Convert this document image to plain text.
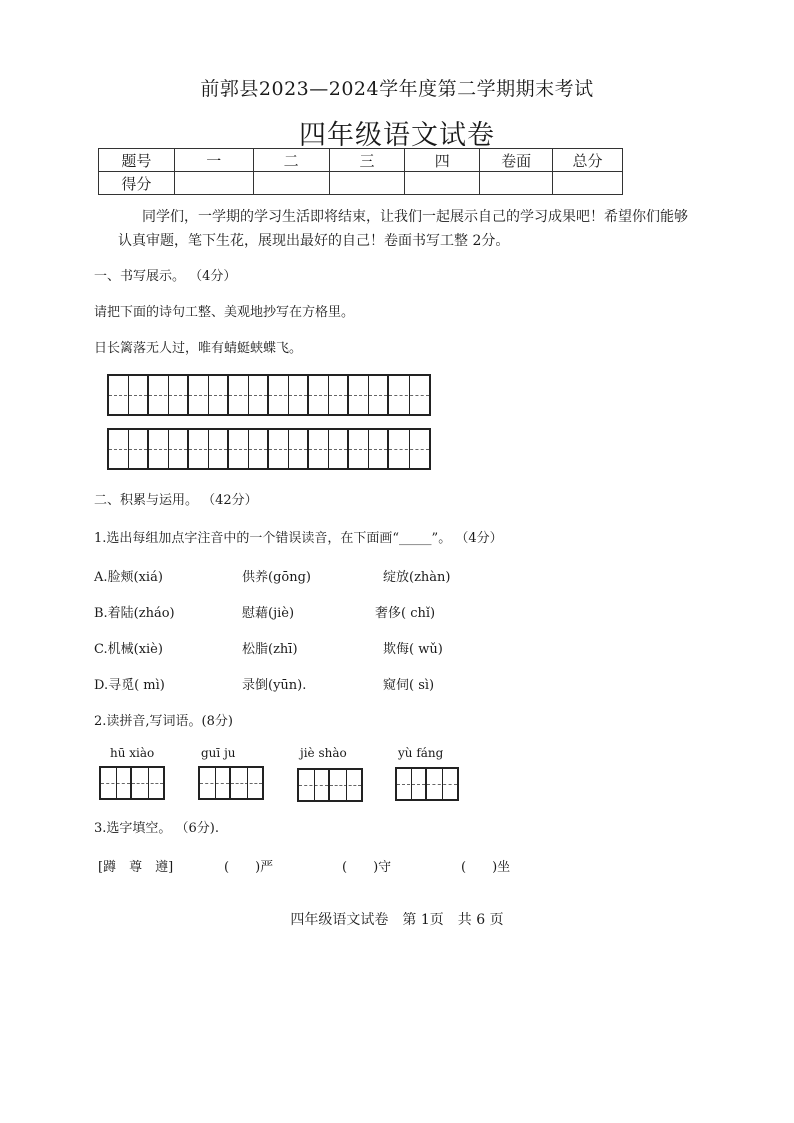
前郭县2023—2024学年度第二学期期末考试
四年级语文试卷
题号	一	二	三	四	卷面	总分
得分						
同学们，一学期的学习生活即将结束，让我们一起展示自己的学习成果吧！希望你们能够
认真审题，笔下生花，展现出最好的自己！卷面书写工整 2分。
一、书写展示。 （4分）
请把下面的诗句工整、美观地抄写在方格里。
日长篱落无人过，唯有蜻蜓蛱蝶飞。
二、积累与运用。 （42分）
1.选出每组加点字注音中的一个错误读音，在下面画“_____”。 （4分）
A.脸颊(xiá)	供养(gōng)	绽放(zhàn)
B.着陆(zháo)	慰藉(jiè)	奢侈( chǐ)
C.机械(xiè)	松脂(zhī)	欺侮( wǔ)
D.寻觅( mì)	录倒(yūn).	窥伺( sì)
2.读拼音,写词语。(8分)
hū xiào	guī ju	jiè shào	yù fáng
3.选字填空。 （6分).
[蹲　尊　遵]	(　　)严	(　　)守	(　　)坐
四年级语文试卷　第 1页　共 6 页
